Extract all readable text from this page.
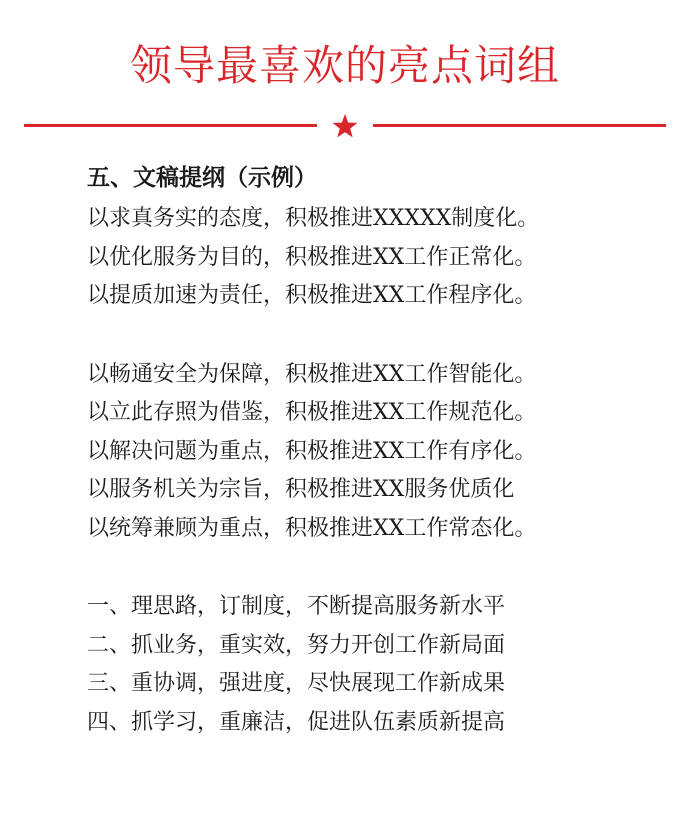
领导最喜欢的亮点词组
五、文稿提纲（示例）

以求真务实的态度，积极推进XXXXX制度化。

以优化服务为目的，积极推进XX工作正常化。

以提质加速为责任，积极推进XX工作程序化。

以畅通安全为保障，积极推进XX工作智能化。

以立此存照为借鉴，积极推进XX工作规范化。

以解决问题为重点，积极推进XX工作有序化。

以服务机关为宗旨，积极推进XX服务优质化

以统筹兼顾为重点，积极推进XX工作常态化。

一、理思路，订制度，不断提高服务新水平

二、抓业务，重实效，努力开创工作新局面

三、重协调，强进度，尽快展现工作新成果

四、抓学习，重廉洁，促进队伍素质新提高
